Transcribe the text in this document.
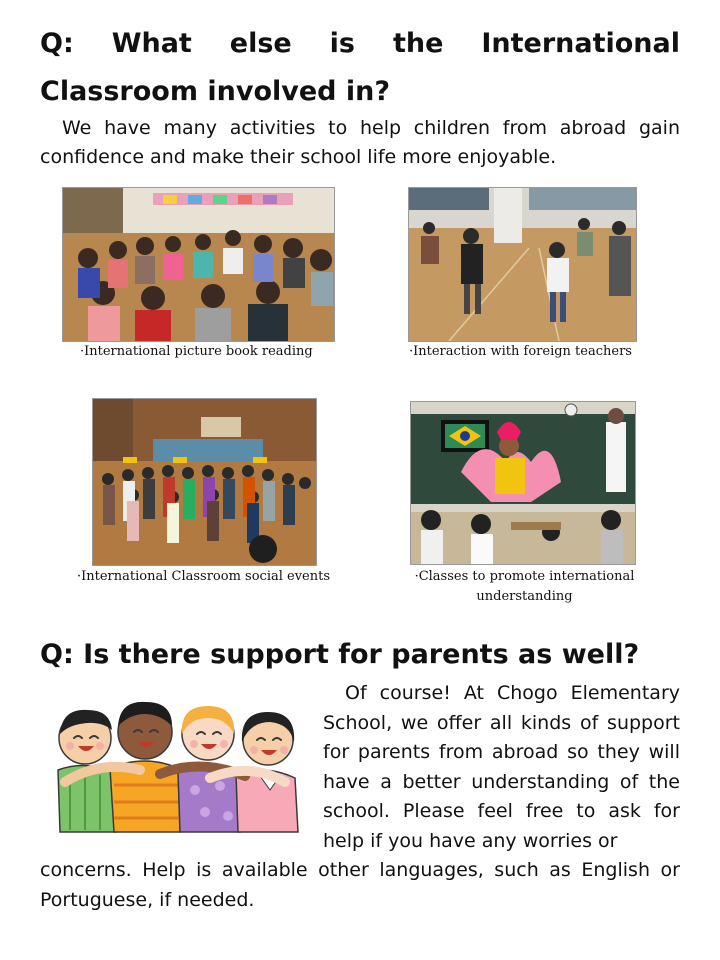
Q: What else is the International Classroom involved in?

We have many activities to help children from abroad gain confidence and make their school life more enjoyable.

·International picture book reading	·Interaction with foreign teachers

·International Classroom social events	·Classes to promote international understanding

Q: Is there support for parents as well?

Of course! At Chogo Elementary School, we offer all kinds of support for parents from abroad so they will have a better understanding of the school. Please feel free to ask for help if you have any worries or

concerns. Help is available other languages, such as English or Portuguese, if needed.
